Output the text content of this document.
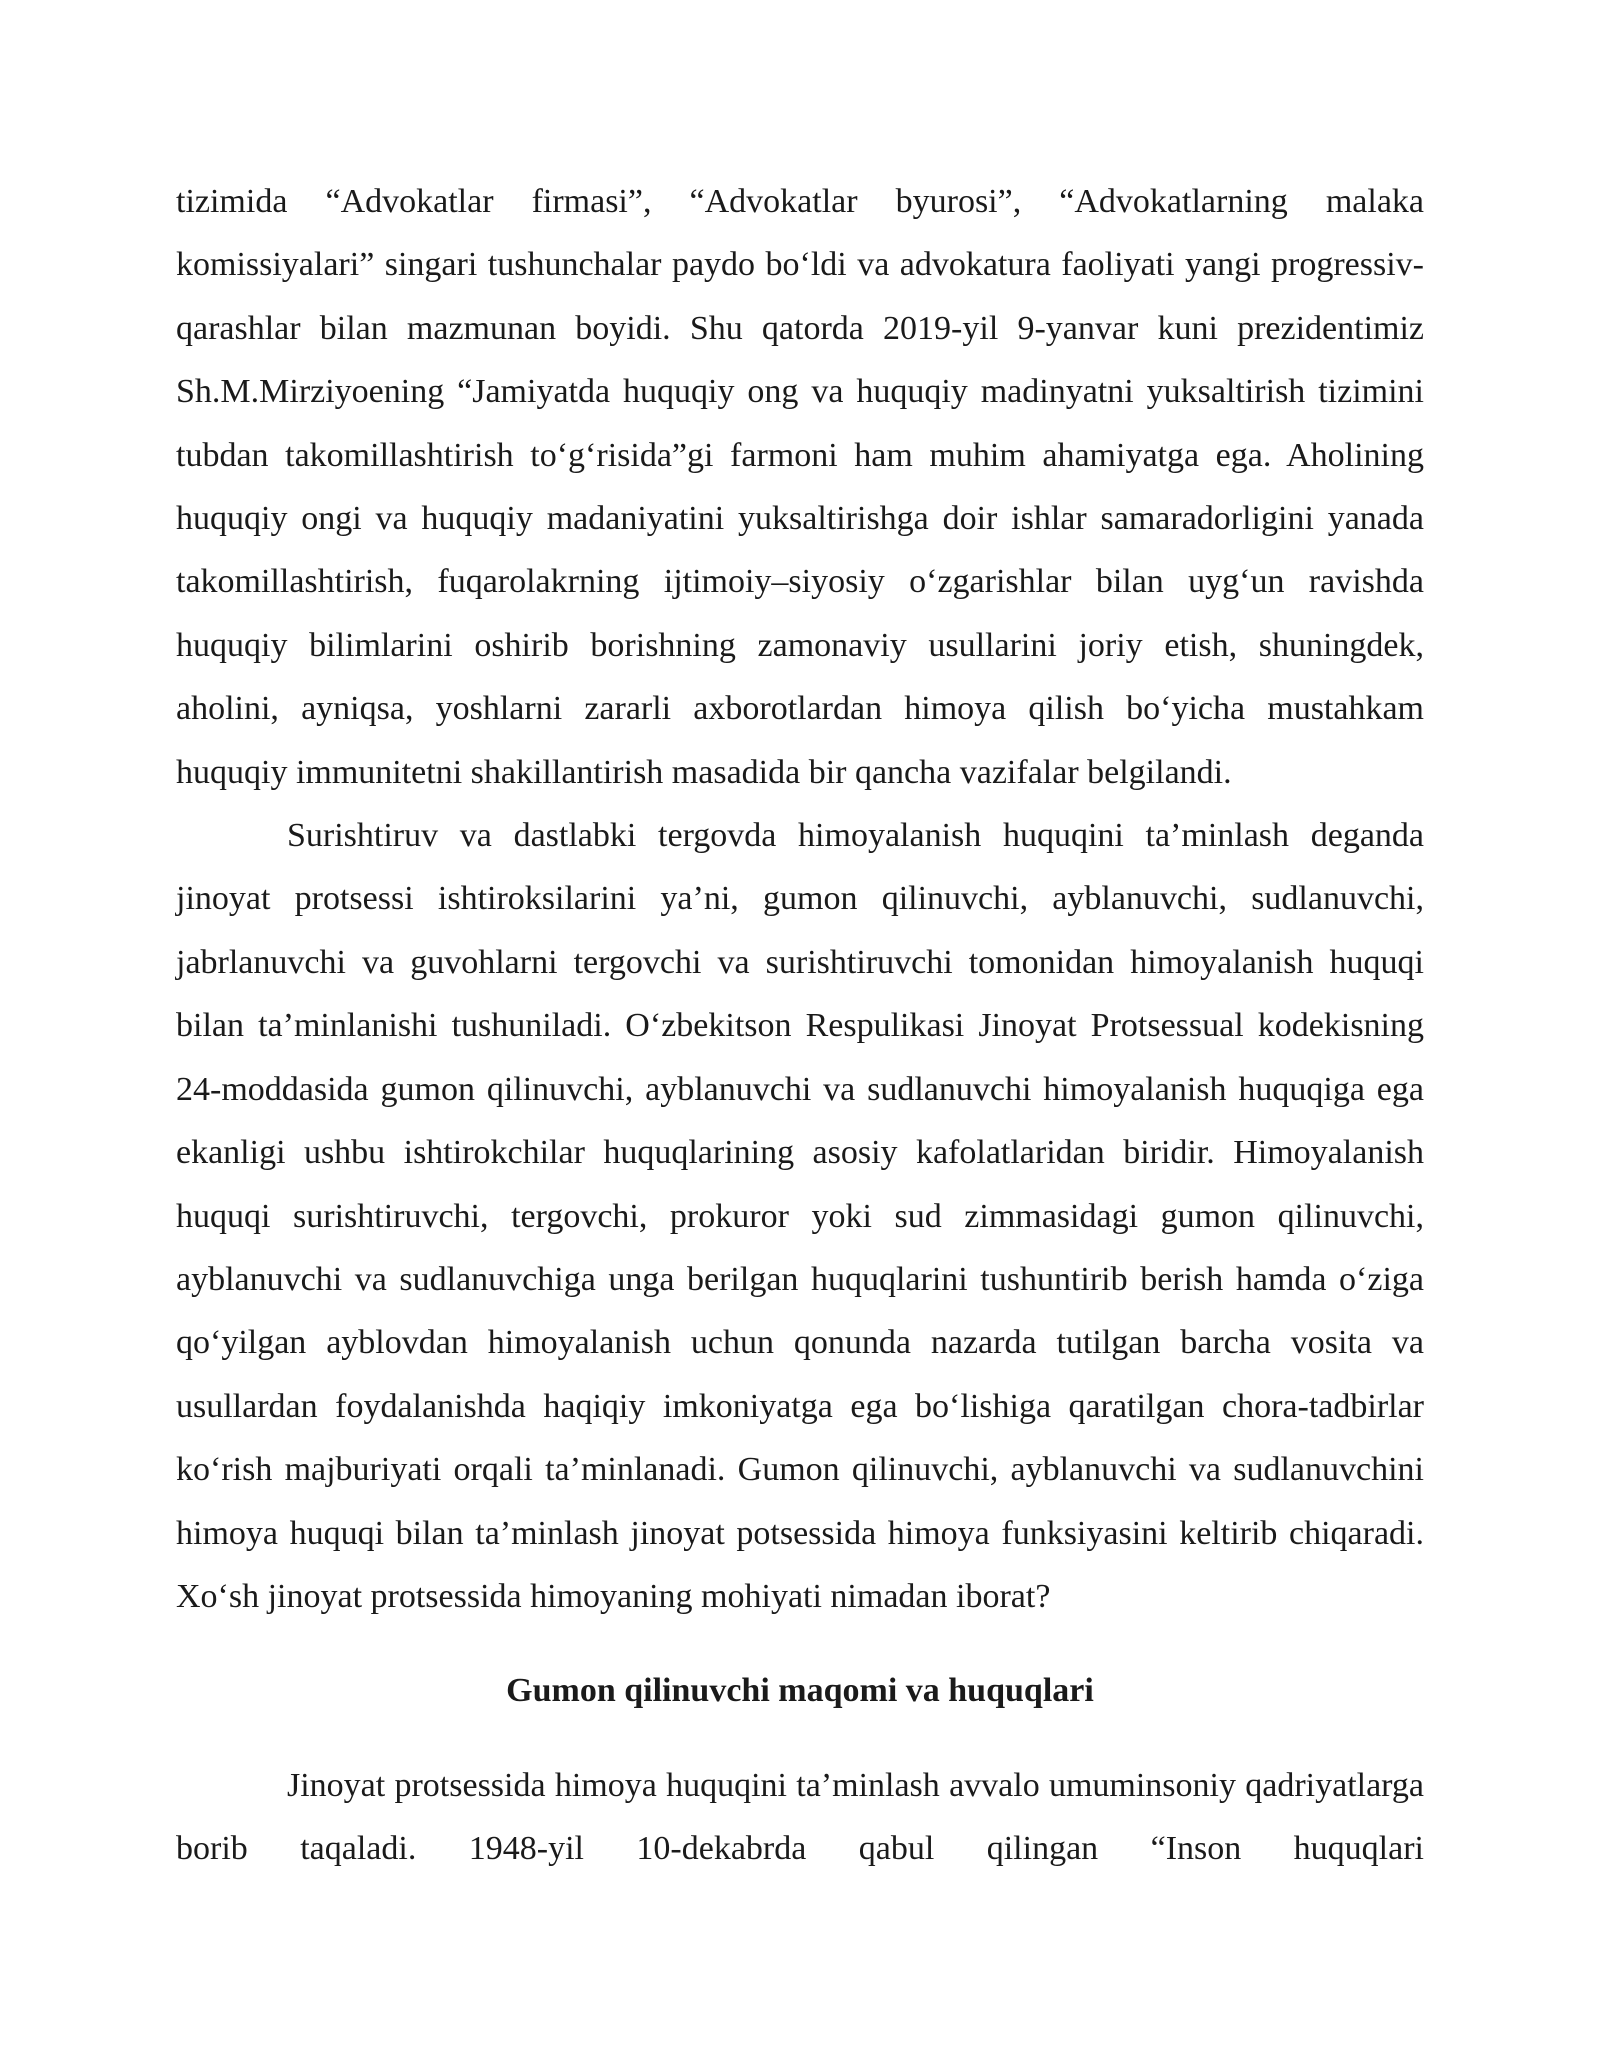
tizimida “Advokatlar firmasi”, “Advokatlar byurosi”, “Advokatlarning malaka komissiyalari” singari tushunchalar paydo bo‘ldi va advokatura faoliyati yangi progressiv-qarashlar bilan mazmunan boyidi. Shu qatorda 2019-yil 9-yanvar kuni prezidentimiz Sh.M.Mirziyoening “Jamiyatda huquqiy ong va huquqiy madinyatni yuksaltirish tizimini tubdan takomillashtirish to‘g‘risida”gi farmoni ham muhim ahamiyatga ega. Aholining huquqiy ongi va huquqiy madaniyatini yuksaltirishga doir ishlar samaradorligini yanada takomillashtirish, fuqarolakrning ijtimoiy–siyosiy o‘zgarishlar bilan uyg‘un ravishda huquqiy bilimlarini oshirib borishning zamonaviy usullarini joriy etish, shuningdek, aholini, ayniqsa, yoshlarni zararli axborotlardan himoya qilish bo‘yicha mustahkam huquqiy immunitetni shakillantirish masadida bir qancha vazifalar belgilandi.

Surishtiruv va dastlabki tergovda himoyalanish huquqini ta’minlash deganda jinoyat protsessi ishtiroksilarini ya’ni, gumon qilinuvchi, ayblanuvchi, sudlanuvchi, jabrlanuvchi va guvohlarni tergovchi va surishtiruvchi tomonidan himoyalanish huquqi bilan ta’minlanishi tushuniladi. O‘zbekitson Respulikasi Jinoyat Protsessual kodekisning 24-moddasida gumon qilinuvchi, ayblanuvchi va sudlanuvchi himoyalanish huquqiga ega ekanligi ushbu ishtirokchilar huquqlarining asosiy kafolatlaridan biridir. Himoyalanish huquqi surishtiruvchi, tergovchi, prokuror yoki sud zimmasidagi gumon qilinuvchi, ayblanuvchi va sudlanuvchiga unga berilgan huquqlarini tushuntirib berish hamda o‘ziga qo‘yilgan ayblovdan himoyalanish uchun qonunda nazarda tutilgan barcha vosita va usullardan foydalanishda haqiqiy imkoniyatga ega bo‘lishiga qaratilgan chora-tadbirlar ko‘rish majburiyati orqali ta’minlanadi. Gumon qilinuvchi, ayblanuvchi va sudlanuvchini himoya huquqi bilan ta’minlash jinoyat potsessida himoya funksiyasini keltirib chiqaradi. Xo‘sh jinoyat protsessida himoyaning mohiyati nimadan iborat?

Gumon qilinuvchi maqomi va huquqlari

Jinoyat protsessida himoya huquqini ta’minlash avvalo umuminsoniy qadriyatlarga borib taqaladi. 1948-yil 10-dekabrda qabul qilingan “Inson huquqlari
